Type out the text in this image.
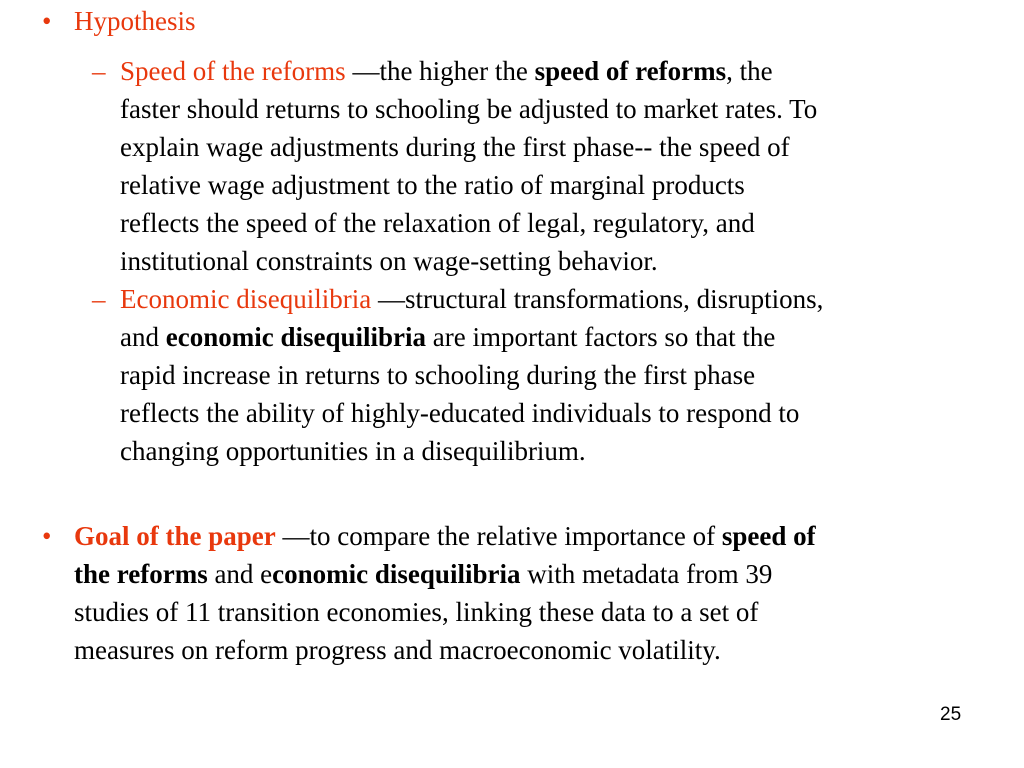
• Hypothesis
– Speed of the reforms —the higher the speed of reforms, the
faster should returns to schooling be adjusted to market rates. To
explain wage adjustments during the first phase-- the speed of
relative wage adjustment to the ratio of marginal products
reflects the speed of the relaxation of legal, regulatory, and
institutional constraints on wage-setting behavior.
– Economic disequilibria —structural transformations, disruptions,
and economic disequilibria are important factors so that the
rapid increase in returns to schooling during the first phase
reflects the ability of highly-educated individuals to respond to
changing opportunities in a disequilibrium.
• Goal of the paper —to compare the relative importance of speed of
the reforms and economic disequilibria with metadata from 39
studies of 11 transition economies, linking these data to a set of
measures on reform progress and macroeconomic volatility.
25
